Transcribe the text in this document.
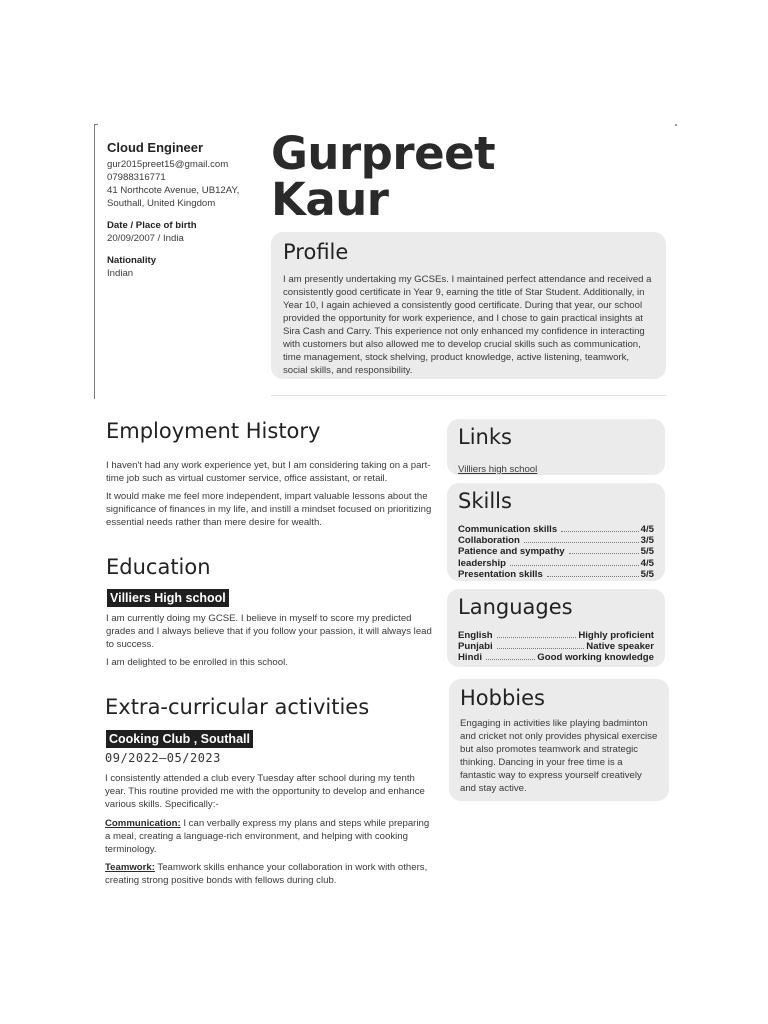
Cloud Engineer
gur2015preet15@gmail.com
07988316771
41 Northcote Avenue, UB12AY,
Southall, United Kingdom
Date / Place of birth
20/09/2007 / India
Nationality
Indian
Gurpreet
Kaur
Profile

I am presently undertaking my GCSEs. I maintained perfect attendance and received a consistently good certificate in Year 9, earning the title of Star Student. Additionally, in Year 10, I again achieved a consistently good certificate. During that year, our school provided the opportunity for work experience, and I chose to gain practical insights at Sira Cash and Carry. This experience not only enhanced my confidence in interacting with customers but also allowed me to develop crucial skills such as communication, time management, stock shelving, product knowledge, active listening, teamwork, social skills, and responsibility.

Employment History

I haven't had any work experience yet, but I am considering taking on a part-time job such as virtual customer service, office assistant, or retail.

It would make me feel more independent, impart valuable lessons about the significance of finances in my life, and instill a mindset focused on prioritizing essential needs rather than mere desire for wealth.

Education
Villiers High school

I am currently doing my GCSE. I believe in myself to score my predicted grades and I always believe that if you follow your passion, it will always lead to success.

I am delighted to be enrolled in this school.

Extra-curricular activities
Cooking Club , Southall
09/2022—05/2023

I consistently attended a club every Tuesday after school during my tenth year. This routine provided me with the opportunity to develop and enhance various skills. Specifically:-

Communication: I can verbally express my plans and steps while preparing a meal, creating a language-rich environment, and helping with cooking terminology.

Teamwork: Teamwork skills enhance your collaboration in work with others, creating strong positive bonds with fellows during club.

Links
Villiers high school
Skills
Communication skills	4/5
Collaboration	3/5
Patience and sympathy	5/5
leadership	4/5
Presentation skills	5/5
Languages
English	Highly proficient
Punjabi	Native speaker
Hindi	Good working knowledge
Hobbies

Engaging in activities like playing badminton and cricket not only provides physical exercise but also promotes teamwork and strategic thinking. Dancing in your free time is a fantastic way to express yourself creatively and stay active.
